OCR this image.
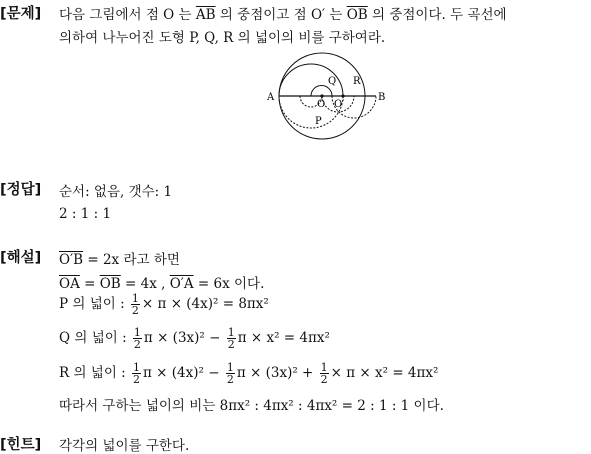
[문제] 다음 그림에서 점 O 는 $\overline{AB}$ 의 중점이고 점 O′ 는 $\overline{OB}$ 의 중점이다. 두 곡선에
의하여 나누어진 도형 P, Q, R 의 넓이의 비를 구하여라.
A	B
O O′
Q R
P
[정답] 순서: 없음, 갯수: 1
2 : 1 : 1
[해설] O′B = 2x 라고 하면
$\overline{OA} = \overline{OB} = 4x$ , O′A = 6x 이다.
P 의 넓이 : $\frac{1}{2} \times \pi \times (4x)^2 = 8\pi x^2$
Q 의 넓이 : $\frac{1}{2}$ $\pi \times (3x)^2 - \frac{1}{2}$ π × x² = 4πx²
R 의 넓이 : $\frac{1}{2}$ $\pi \times (4x)^2 - \frac{1}{2}$ $\pi \times (3x)^2 + \frac{1}{2} \times \pi \times x^2 = 4\pi x^2$
따라서 구하는 넓이의 비는 8πx² : 4πx² : 4πx² = 2 : 1 : 1 이다.
[힌트] 각각의 넓이를 구한다.
